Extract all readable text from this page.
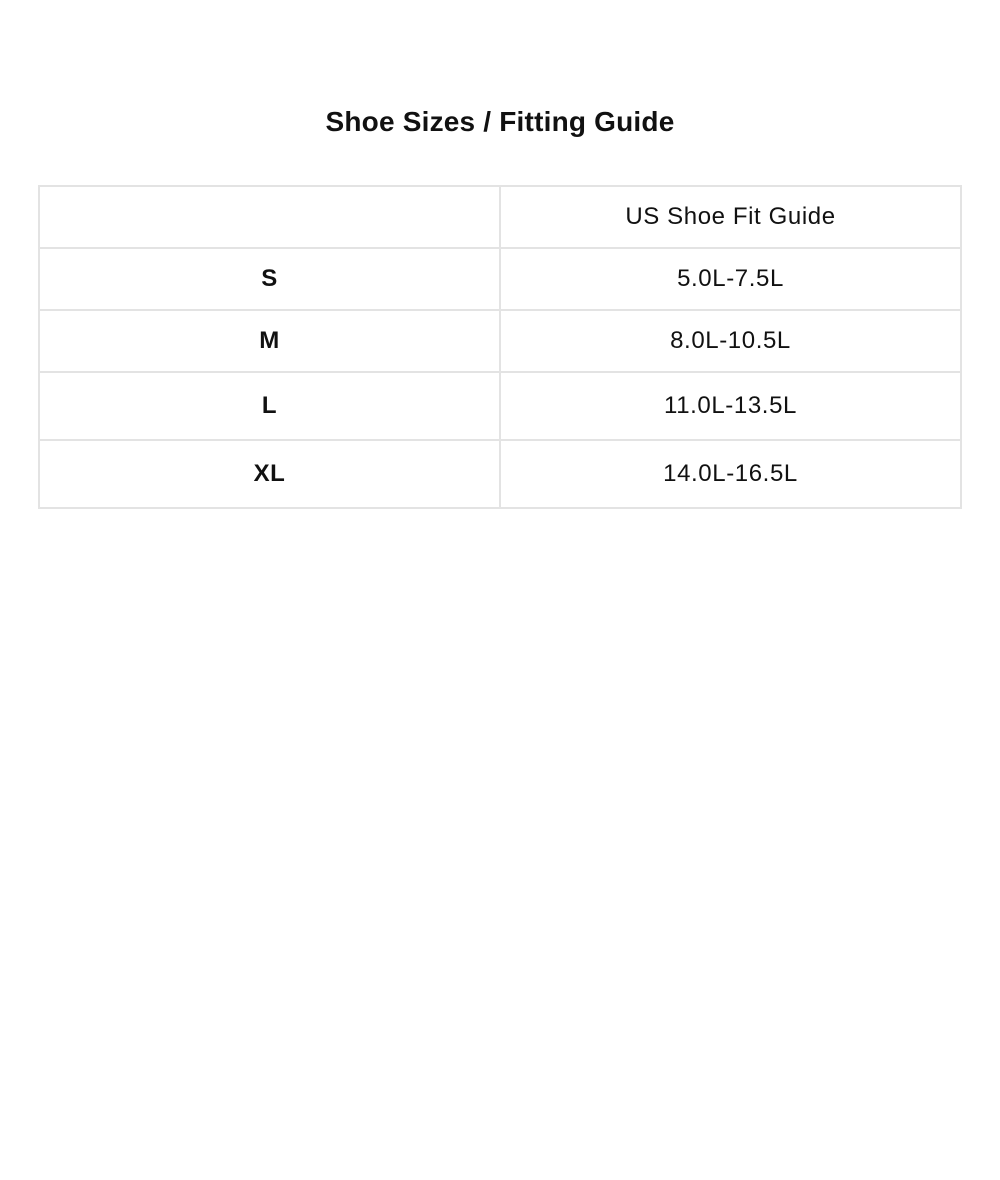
Shoe Sizes / Fitting Guide
	US Shoe Fit Guide
S	5.0L-7.5L
M	8.0L-10.5L
L	11.0L-13.5L
XL	14.0L-16.5L
